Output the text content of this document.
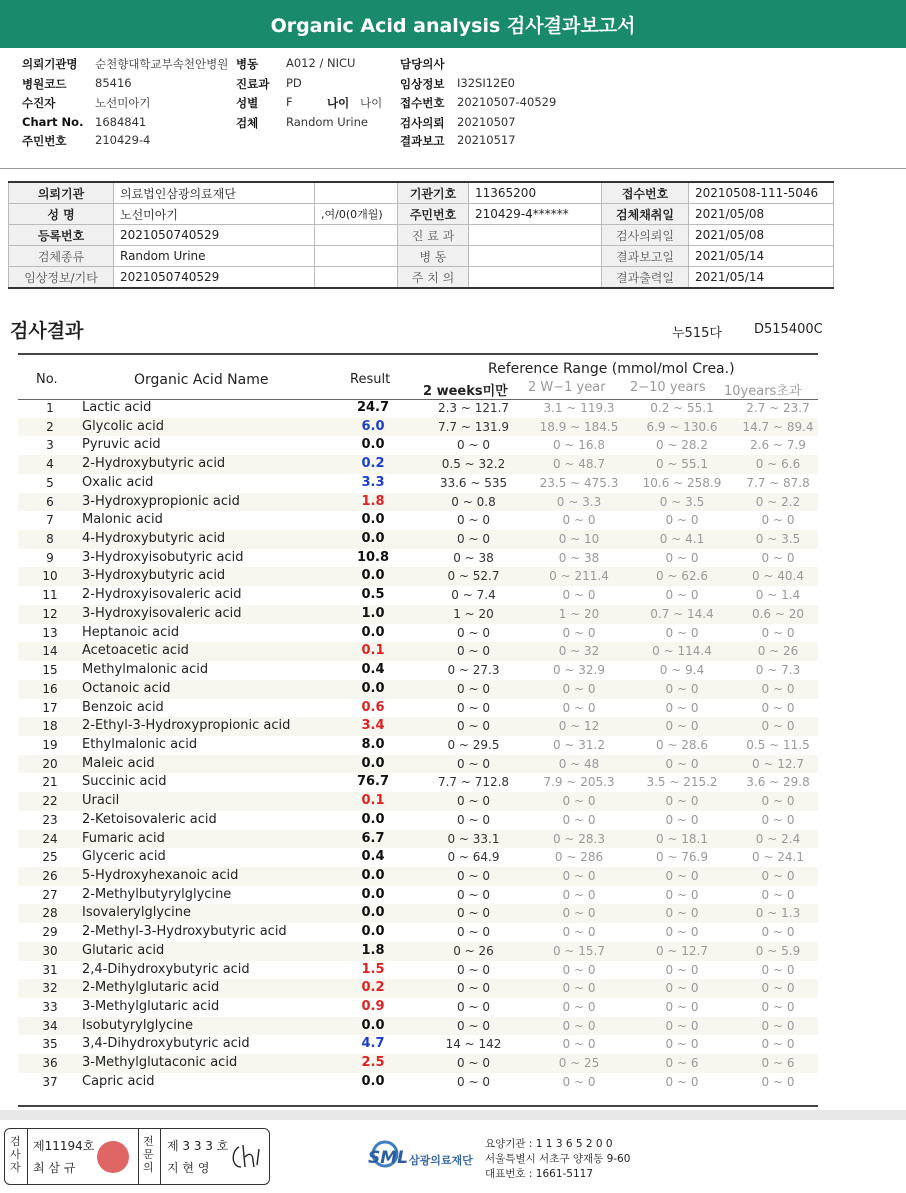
Organic Acid analysis 검사결과보고서
의뢰기관명 순천향대학교부속천안병원
병원코드 85416
수진자	노선미아기
Chart No. 1684841
주민번호 210429-4
병동 A012 / NICU
진료과 PD
성별 F	나이 나이
검체 Random Urine
담당의사
임상정보 I32SI12E0
접수번호 20210507-40529
검사의뢰 20210507
결과보고 20210517
의뢰기관	의료법인삼광의료재단		기관기호	11365200	접수번호	20210508-111-5046
성 명	노선미아기	,여/0(0개월)	주민번호	210429-4******	검체채취일	2021/05/08
등록번호	2021050740529		진 료 과		검사의뢰일	2021/05/08
검체종류	Random Urine		병 동		결과보고일	2021/05/14
임상정보/기타	2021050740529		주 치 의		결과출력일	2021/05/14
검사결과	누515다 D515400C
No.	Organic Acid Name	Result
Reference Range (mmol/mol Crea.)
2 weeks미만 2 W−1 year 2−10 years 10years초과
1	Lactic acid	24.7	2.3 ~ 121.7	3.1 ~ 119.3	0.2 ~ 55.1	2.7 ~ 23.7
2	Glycolic acid	6.0	7.7 ~ 131.9	18.9 ~ 184.5	6.9 ~ 130.6	14.7 ~ 89.4
3	Pyruvic acid	0.0	0 ~ 0	0 ~ 16.8	0 ~ 28.2	2.6 ~ 7.9
4	2-Hydroxybutyric acid	0.2	0.5 ~ 32.2	0 ~ 48.7	0 ~ 55.1	0 ~ 6.6
5	Oxalic acid	3.3	33.6 ~ 535	23.5 ~ 475.3	10.6 ~ 258.9	7.7 ~ 87.8
6	3-Hydroxypropionic acid	1.8	0 ~ 0.8	0 ~ 3.3	0 ~ 3.5	0 ~ 2.2
7	Malonic acid	0.0	0 ~ 0	0 ~ 0	0 ~ 0	0 ~ 0
8	4-Hydroxybutyric acid	0.0	0 ~ 0	0 ~ 10	0 ~ 4.1	0 ~ 3.5
9	3-Hydroxyisobutyric acid	10.8	0 ~ 38	0 ~ 38	0 ~ 0	0 ~ 0
10	3-Hydroxybutyric acid	0.0	0 ~ 52.7	0 ~ 211.4	0 ~ 62.6	0 ~ 40.4
11	2-Hydroxyisovaleric acid	0.5	0 ~ 7.4	0 ~ 0	0 ~ 0	0 ~ 1.4
12	3-Hydroxyisovaleric acid	1.0	1 ~ 20	1 ~ 20	0.7 ~ 14.4	0.6 ~ 20
13	Heptanoic acid	0.0	0 ~ 0	0 ~ 0	0 ~ 0	0 ~ 0
14	Acetoacetic acid	0.1	0 ~ 0	0 ~ 32	0 ~ 114.4	0 ~ 26
15	Methylmalonic acid	0.4	0 ~ 27.3	0 ~ 32.9	0 ~ 9.4	0 ~ 7.3
16	Octanoic acid	0.0	0 ~ 0	0 ~ 0	0 ~ 0	0 ~ 0
17	Benzoic acid	0.6	0 ~ 0	0 ~ 0	0 ~ 0	0 ~ 0
18	2-Ethyl-3-Hydroxypropionic acid	3.4	0 ~ 0	0 ~ 12	0 ~ 0	0 ~ 0
19	Ethylmalonic acid	8.0	0 ~ 29.5	0 ~ 31.2	0 ~ 28.6	0.5 ~ 11.5
20	Maleic acid	0.0	0 ~ 0	0 ~ 48	0 ~ 0	0 ~ 12.7
21	Succinic acid	76.7	7.7 ~ 712.8	7.9 ~ 205.3	3.5 ~ 215.2	3.6 ~ 29.8
22	Uracil	0.1	0 ~ 0	0 ~ 0	0 ~ 0	0 ~ 0
23	2-Ketoisovaleric acid	0.0	0 ~ 0	0 ~ 0	0 ~ 0	0 ~ 0
24	Fumaric acid	6.7	0 ~ 33.1	0 ~ 28.3	0 ~ 18.1	0 ~ 2.4
25	Glyceric acid	0.4	0 ~ 64.9	0 ~ 286	0 ~ 76.9	0 ~ 24.1
26	5-Hydroxyhexanoic acid	0.0	0 ~ 0	0 ~ 0	0 ~ 0	0 ~ 0
27	2-Methylbutyrylglycine	0.0	0 ~ 0	0 ~ 0	0 ~ 0	0 ~ 0
28	Isovalerylglycine	0.0	0 ~ 0	0 ~ 0	0 ~ 0	0 ~ 1.3
29	2-Methyl-3-Hydroxybutyric acid	0.0	0 ~ 0	0 ~ 0	0 ~ 0	0 ~ 0
30	Glutaric acid	1.8	0 ~ 26	0 ~ 15.7	0 ~ 12.7	0 ~ 5.9
31	2,4-Dihydroxybutyric acid	1.5	0 ~ 0	0 ~ 0	0 ~ 0	0 ~ 0
32	2-Methylglutaric acid	0.2	0 ~ 0	0 ~ 0	0 ~ 0	0 ~ 0
33	3-Methylglutaric acid	0.9	0 ~ 0	0 ~ 0	0 ~ 0	0 ~ 0
34	Isobutyrylglycine	0.0	0 ~ 0	0 ~ 0	0 ~ 0	0 ~ 0
35	3,4-Dihydroxybutyric acid	4.7	14 ~ 142	0 ~ 0	0 ~ 0	0 ~ 0
36	3-Methylglutaconic acid	2.5	0 ~ 0	0 ~ 25	0 ~ 6	0 ~ 6
37	Capric acid	0.0	0 ~ 0	0 ~ 0	0 ~ 0	0 ~ 0
검사자
제11194호
최 삼 규
전문의
제 3 3 3 호
지 현 영	SML 삼광의료재단
요양기관 : 1 1 3 6 5 2 0 0
서울특별시 서초구 양재동 9-60
대표번호 : 1661-5117
